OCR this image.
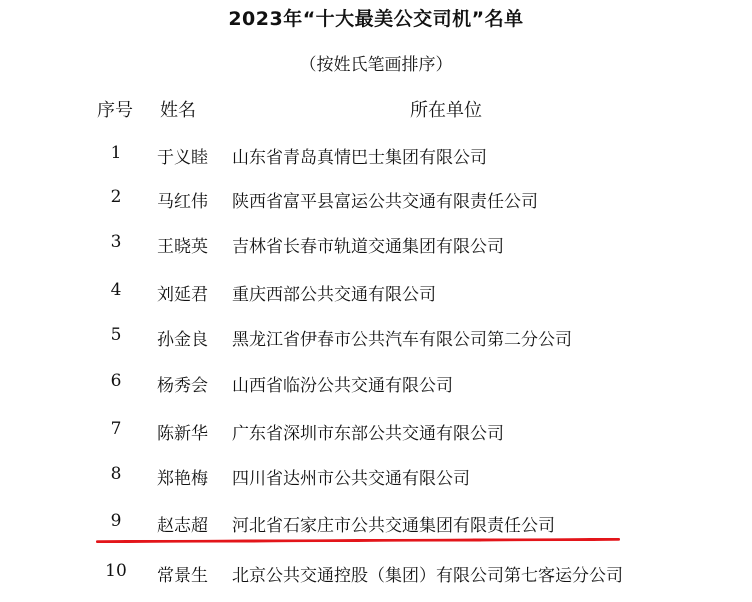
2023年“十大最美公交司机”名单
（按姓氏笔画排序）
序号 姓名	所在单位
1	于义睦 山东省青岛真情巴士集团有限公司
2	马红伟 陕西省富平县富运公共交通有限责任公司
3	王晓英 吉林省长春市轨道交通集团有限公司
4	刘延君 重庆西部公共交通有限公司
5	孙金良 黑龙江省伊春市公共汽车有限公司第二分公司
6	杨秀会 山西省临汾公共交通有限公司
7	陈新华 广东省深圳市东部公共交通有限公司
8	郑艳梅 四川省达州市公共交通有限公司
9	赵志超 河北省石家庄市公共交通集团有限责任公司
10	常景生 北京公共交通控股（集团）有限公司第七客运分公司
